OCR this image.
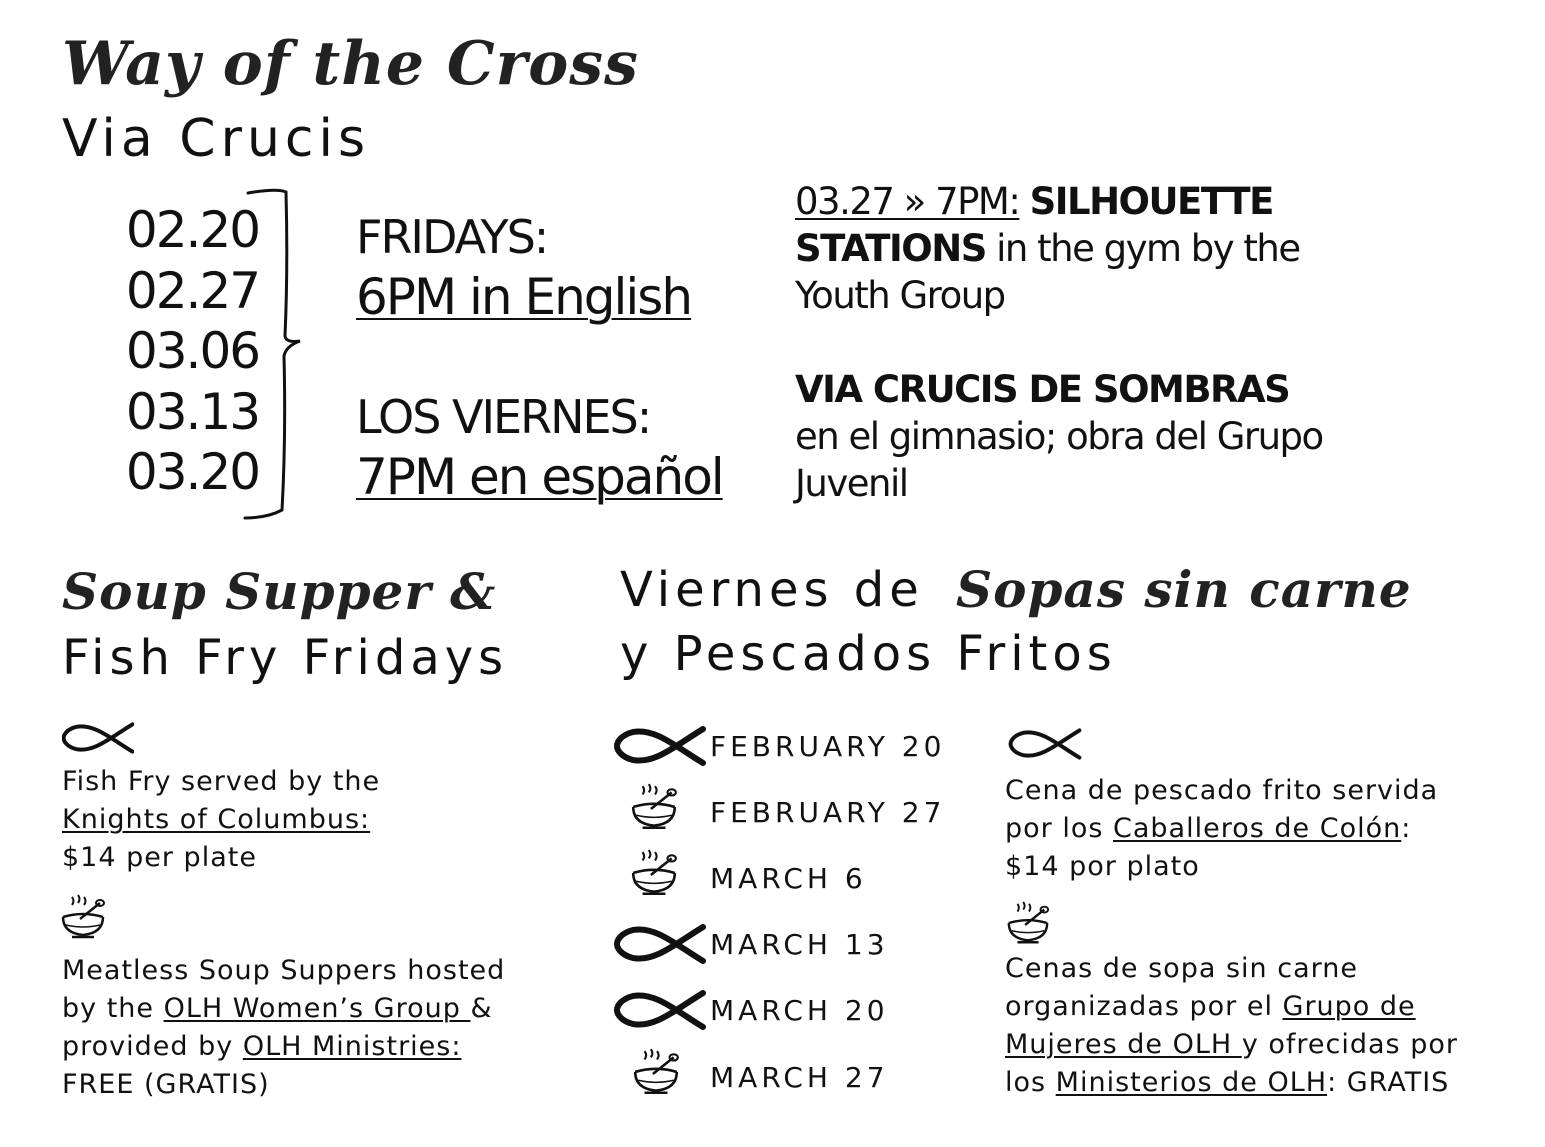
Way of the Cross
Via Crucis
02.20
02.27
03.06
03.13
03.20
FRIDAYS:
6PM in English
LOS VIERNES:
7PM en español
03.27 » 7PM: SILHOUETTE
STATIONS in the gym by the
Youth Group
VIA CRUCIS DE SOMBRAS
en el gimnasio; obra del Grupo
Juvenil
Soup Supper &
Fish Fry Fridays
Viernes de Sopas sin carne
y Pescados Fritos
Fish Fry served by the
Knights of Columbus:
$14 per plate
Meatless Soup Suppers hosted
by the OLH Women’s Group &
provided by OLH Ministries:
FREE (GRATIS)
FEBRUARY 20
FEBRUARY 27
MARCH 6
MARCH 13
MARCH 20
MARCH 27
Cena de pescado frito servida
por los Caballeros de Colón:
$14 por plato
Cenas de sopa sin carne
organizadas por el Grupo de
Mujeres de OLH y ofrecidas por
los Ministerios de OLH: GRATIS
